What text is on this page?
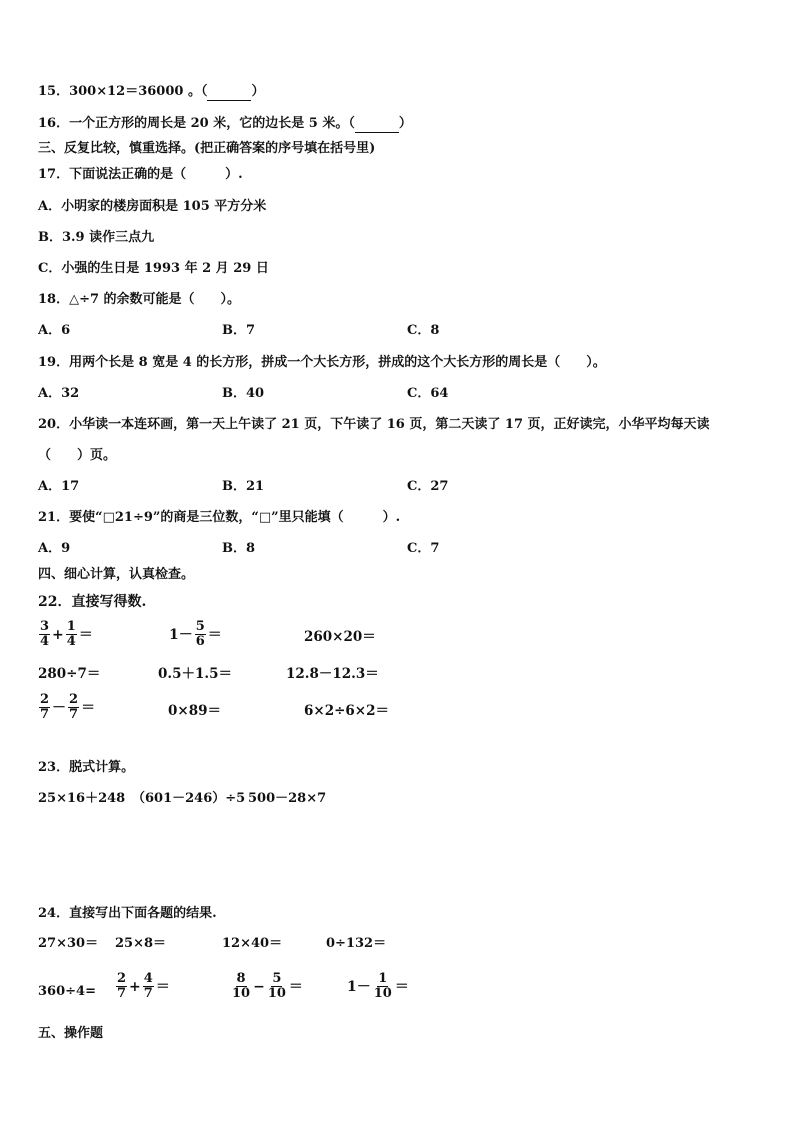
15．300×12＝36000 。（	）
16．一个正方形的周长是 20 米，它的边长是 5 米。（	）
三、反复比较，慎重选择。(把正确答案的序号填在括号里)
17．下面说法正确的是（　　　）.
A．小明家的楼房面积是 105 平方分米
B．3.9 读作三点九
C．小强的生日是 1993 年 2 月 29 日
18．△÷7 的余数可能是（　　）。
A．6	B．7	C．8
19．用两个长是 8 宽是 4 的长方形，拼成一个大长方形，拼成的这个大长方形的周长是（　　）。
A．32	B．40	C．64
20．小华读一本连环画，第一天上午读了 21 页，下午读了 16 页，第二天读了 17 页，正好读完，小华平均每天读
（　　）页。
A．17	B．21	C．27
21．要使“□21÷9”的商是三位数，“□”里只能填（　　　）.
A．9	B．8	C．7
四、细心计算，认真检查。
22．直接写得数.
$\frac{3}{4} + \frac{1}{4}$ ＝	$1- \frac{5}{6}$ ＝	260×20＝
280÷7＝	0.5＋1.5＝	12.8－12.3＝
$\frac{2}{7} - \frac{2}{7}$ ＝	0×89＝	6×2÷6×2＝
23．脱式计算。
25×16＋248 （601－246）÷5 500－28×7
24．直接写出下面各题的结果.
27×30＝ 25×8＝	12×40＝	0÷132＝
$360\div 4= \frac{2}{7} + \frac{4}{7}$ ＝	$\frac{8}{10} - \frac{5}{10}$ ＝	$1- \frac{1}{10}$ ＝
五、操作题
